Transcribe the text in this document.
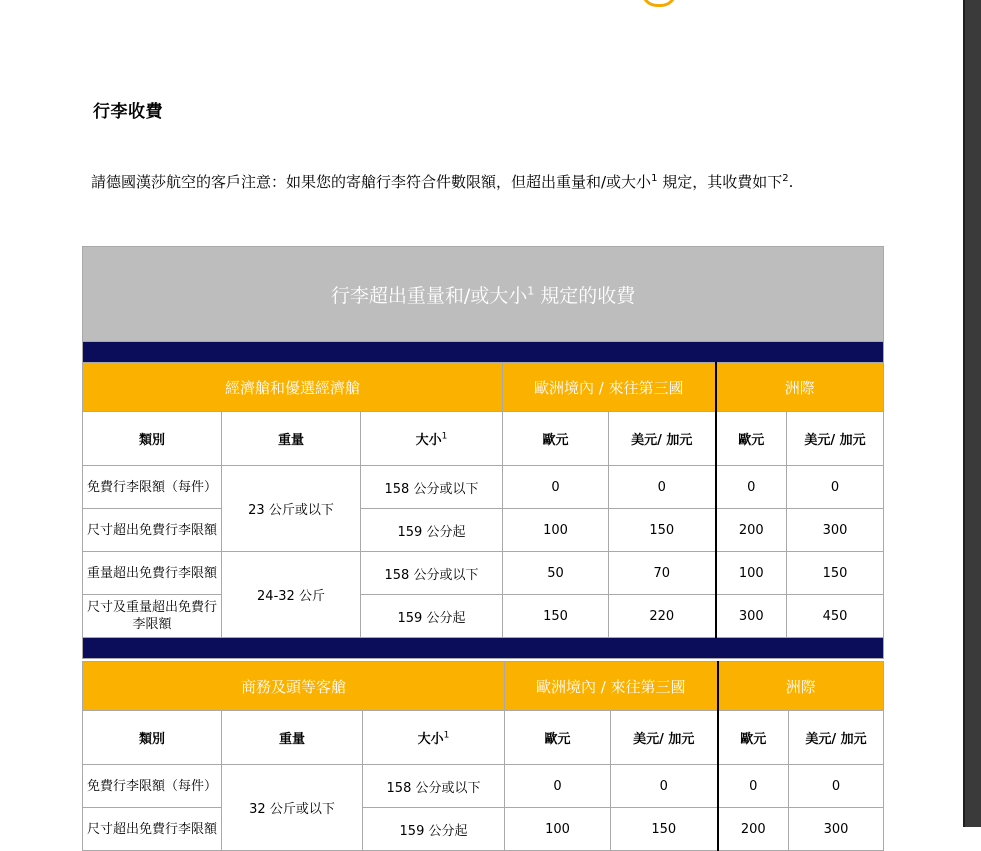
行李收費
請德國漢莎航空的客戶注意：如果您的寄艙行李符合件數限額，但超出重量和/或大小$^1$ 規定，其收費如下$^2$.
行李超出重量和/或大小$^1$ 規定的收費						

經濟艙和優選經濟艙			歐洲境內 / 來往第三國		洲際	
類別	重量	大小$^1$	歐元	美元/ 加元	歐元	美元/ 加元
免費行李限額（每件）	23 公斤或以下	158 公分或以下	0	0	0	0
尺寸超出免費行李限額		159 公分起	100	150	200	300
重量超出免費行李限額	24-32 公斤	158 公分或以下	50	70	100	150
尺寸及重量超出免費行李限額		159 公分起	150	220	300	450

商務及頭等客艙			歐洲境內 / 來往第三國		洲際	
類別	重量	大小$^1$	歐元	美元/ 加元	歐元	美元/ 加元
免費行李限額（每件）	32 公斤或以下	158 公分或以下	0	0	0	0
尺寸超出免費行李限額		159 公分起	100	150	200	300
